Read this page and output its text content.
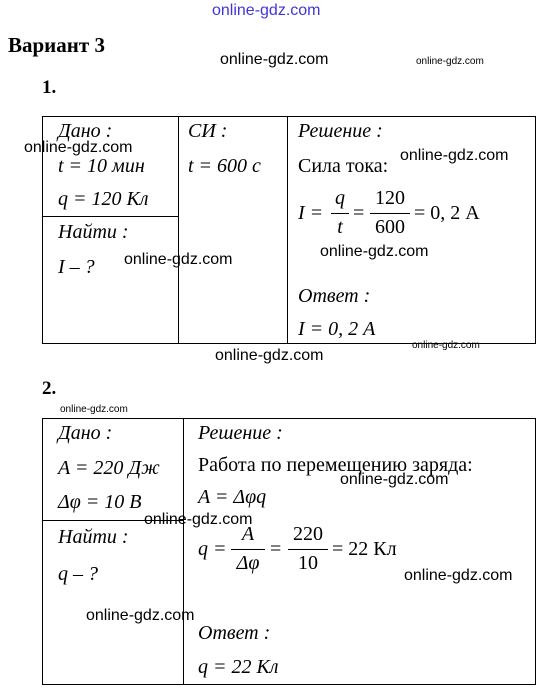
online-gdz.com
Вариант 3
online-gdz.com	online-gdz.com
1.
Дано :
t = 10 мин
q = 120 Кл
Найти :
I – ?
СИ :
t = 600 с
Решение :
Сила тока:
I =
q
t
=
120
600
= 0, 2 А
Ответ :
I = 0, 2 А
online-gdz.com	online-gdz.com
online-gdz.com
online-gdz.com
online-gdz.com
online-gdz.com
2.
online-gdz.com
Дано :
A = 220 Дж
Δφ = 10 В
Найти :
q – ?
Решение :
Работа по перемещению заряда:
A = Δφq
q =
A
Δφ
=
220
10
= 22 Кл
Ответ :
q = 22 Кл
online-gdz.com
online-gdz.com
online-gdz.com
online-gdz.com
